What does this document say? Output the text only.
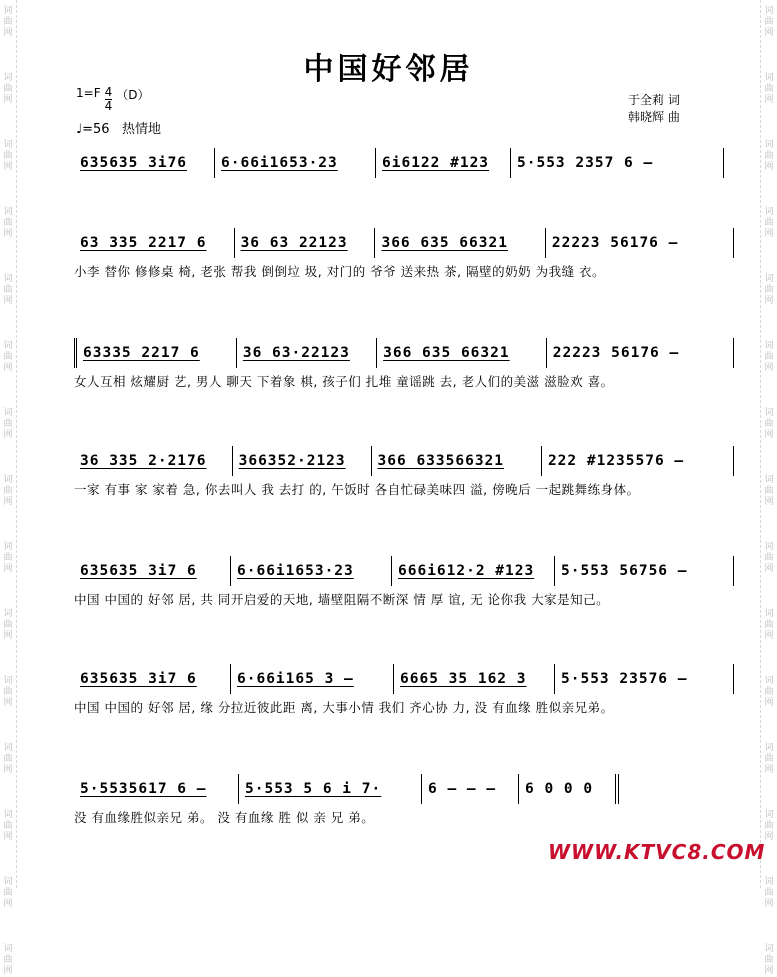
词
曲
网
词
曲
网
词
曲
网
词
曲
网
词
曲
网
词
曲
网
词
曲
网
词
曲
网
词
曲
网
词
曲
网
词
曲
网
词
曲
网
词
曲
网
词
曲
网
词
曲
网
词
曲
网
词
曲
网
词
曲
网
词
曲
网
词
曲
网
词
曲
网
词
曲
网
词
曲
网
词
曲
网
词
曲
网
词
曲
网
词
曲
网
词
曲
网
词
曲
网
词
曲
网
中国好邻居
$1=F \frac{4}{4} (D)$
♩=56 热情地
于全莉 词
韩晓辉 曲
635635 3i76	6·66i1653·23	6i6122 #123	5·553 2357 6 –
63 335 2217 6	36 63 22123	366 635 66321	22223 56176 –
小李 替你 修修桌 椅, 老张 帮我 倒倒垃 圾, 对门的 爷爷 送来热 茶, 隔壁的奶奶 为我缝 衣。
63335 2217 6	36 63·22123	366 635 66321	22223 56176 –
女人互相 炫耀厨 艺, 男人 聊天 下着象 棋, 孩子们 扎堆 童谣跳 去, 老人们的美滋 滋脸欢 喜。
36 335 2·2176	366352·2123	366 633566321	222 #1235576 –
一家 有事 家 家着 急, 你去叫人 我 去打 的, 午饭时 各自忙碌美味四 溢, 傍晚后 一起跳舞练身体。
635635 3i7 6	6·66i1653·23	666i612·2 #123	5·553 56756 –
中国 中国的 好邻 居, 共 同开启爱的天地, 墙壁阻隔不断深 情 厚 谊, 无 论你我 大家是知己。
635635 3i7 6	6·66i165 3 –	6665 35 162 3	5·553 23576 –
中国 中国的 好邻 居, 缘 分拉近彼此距 离, 大事小情 我们 齐心协 力, 没 有血缘 胜似亲兄弟。
5·5535617 6 –	5·553 5 6 i 7·	6 – – –	6 0 0 0
没 有血缘胜似亲兄 弟。 没 有血缘 胜 似 亲 兄 弟。
WWW.KTVC8.COM
